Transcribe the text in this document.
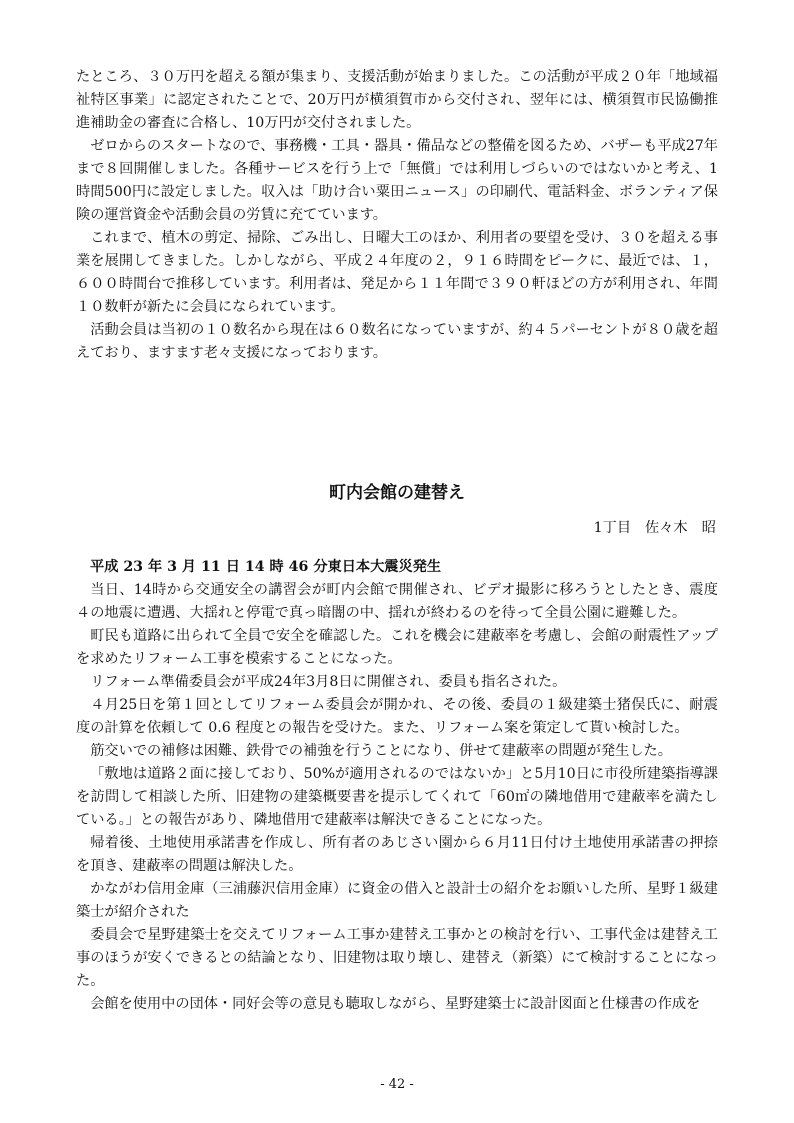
たところ、３０万円を超える額が集まり、支援活動が始まりました。この活動が平成２０年「地域福祉特区事業」に認定されたことで、20万円が横須賀市から交付され、翌年には、横須賀市民協働推進補助金の審査に合格し、10万円が交付されました。

ゼロからのスタートなので、事務機・工具・器具・備品などの整備を図るため、バザーも平成27年まで８回開催しました。各種サービスを行う上で「無償」では利用しづらいのではないかと考え、1時間500円に設定しました。収入は「助け合い粟田ニュース」の印刷代、電話料金、ボランティア保険の運営資金や活動会員の労賃に充てています。

これまで、植木の剪定、掃除、ごみ出し、日曜大工のほか、利用者の要望を受け、３０を超える事業を展開してきました。しかしながら、平成２４年度の２，９１６時間をピークに、最近では、１，６００時間台で推移しています。利用者は、発足から１１年間で３９０軒ほどの方が利用され、年間１０数軒が新たに会員になられています。

活動会員は当初の１０数名から現在は６０数名になっていますが、約４５パーセントが８０歳を超えており、ますます老々支援になっております。

町内会館の建替え
1丁目 佐々木　昭

平成 23 年 3 月 11 日 14 時 46 分東日本大震災発生

当日、14時から交通安全の講習会が町内会館で開催され、ビデオ撮影に移ろうとしたとき、震度４の地震に遭遇、大揺れと停電で真っ暗闇の中、揺れが終わるのを待って全員公園に避難した。

町民も道路に出られて全員で安全を確認した。これを機会に建蔽率を考慮し、会館の耐震性アップを求めたリフォーム工事を模索することになった。

リフォーム準備委員会が平成24年3月8日に開催され、委員も指名された。

４月25日を第１回としてリフォーム委員会が開かれ、その後、委員の１級建築士猪俣氏に、耐震度の計算を依頼して 0.6 程度との報告を受けた。また、リフォーム案を策定して貰い検討した。

筋交いでの補修は困難、鉄骨での補強を行うことになり、併せて建蔽率の問題が発生した。

「敷地は道路２面に接しており、50%が適用されるのではないか」と5月10日に市役所建築指導課を訪問して相談した所、旧建物の建築概要書を提示してくれて「60㎡の隣地借用で建蔽率を満たしている。」との報告があり、隣地借用で建蔽率は解決できることになった。

帰着後、土地使用承諾書を作成し、所有者のあじさい園から６月11日付け土地使用承諾書の押捺を頂き、建蔽率の問題は解決した。

かながわ信用金庫（三浦藤沢信用金庫）に資金の借入と設計士の紹介をお願いした所、星野１級建築士が紹介された

委員会で星野建築士を交えてリフォーム工事か建替え工事かとの検討を行い、工事代金は建替え工事のほうが安くできるとの結論となり、旧建物は取り壊し、建替え（新築）にて検討することになった。

会館を使用中の団体・同好会等の意見も聴取しながら、星野建築士に設計図面と仕様書の作成を

- 42 -
